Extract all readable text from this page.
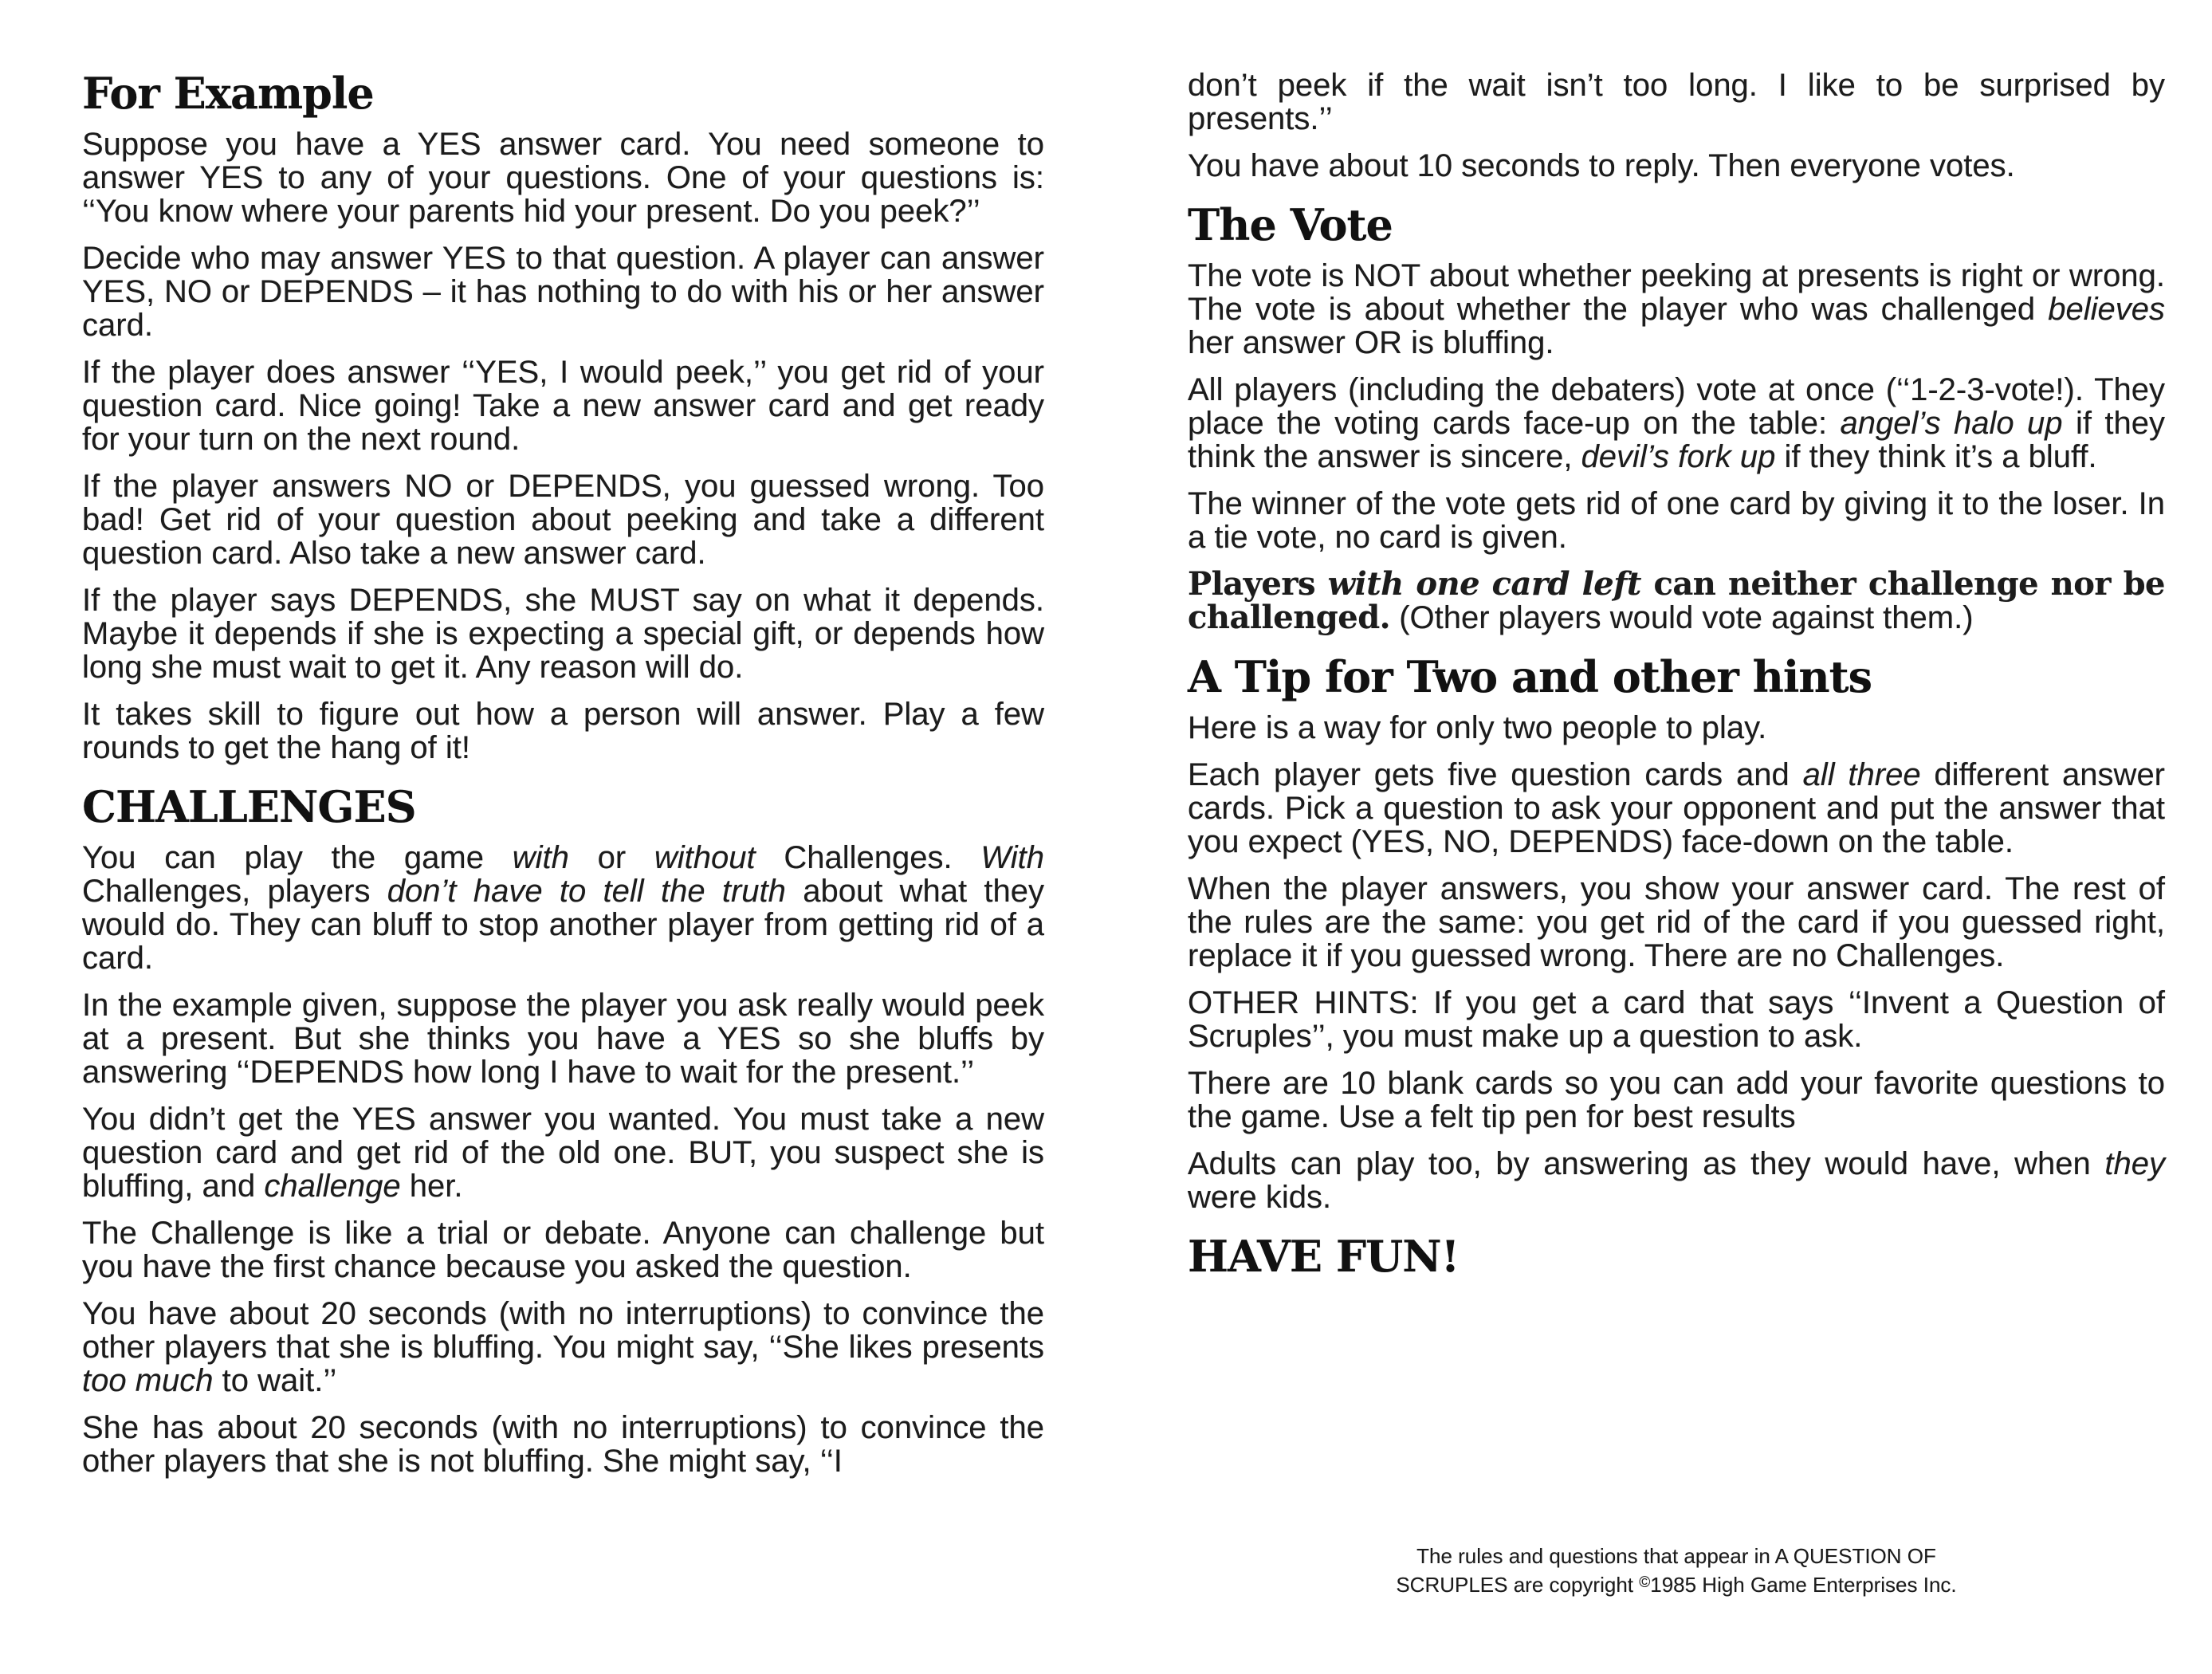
For Example

Suppose you have a YES answer card. You need someone to answer YES to any of your questions. One of your questions is: ‘‘You know where your parents hid your present. Do you peek?’’

Decide who may answer YES to that question. A player can answer YES, NO or DEPENDS – it has nothing to do with his or her answer card.

If the player does answer ‘‘YES, I would peek,’’ you get rid of your question card. Nice going! Take a new answer card and get ready for your turn on the next round.

If the player answers NO or DEPENDS, you guessed wrong. Too bad! Get rid of your question about peeking and take a different question card. Also take a new answer card.

If the player says DEPENDS, she MUST say on what it depends. Maybe it depends if she is expecting a special gift, or depends how long she must wait to get it. Any reason will do.

It takes skill to figure out how a person will answer. Play a few rounds to get the hang of it!

CHALLENGES

You can play the game with or without Challenges. With Challenges, players don’t have to tell the truth about what they would do. They can bluff to stop another player from getting rid of a card.

In the example given, suppose the player you ask really would peek at a present. But she thinks you have a YES so she bluffs by answering ‘‘DEPENDS how long I have to wait for the present.’’

You didn’t get the YES answer you wanted. You must take a new question card and get rid of the old one. BUT, you suspect she is bluffing, and challenge her.

The Challenge is like a trial or debate. Anyone can challenge but you have the first chance because you asked the question.

You have about 20 seconds (with no interruptions) to convince the other players that she is bluffing. You might say, ‘‘She likes presents too much to wait.’’

She has about 20 seconds (with no interruptions) to convince the other players that she is not bluffing. She might say, ‘‘I

don’t peek if the wait isn’t too long. I like to be surprised by presents.’’

You have about 10 seconds to reply. Then everyone votes.

The Vote

The vote is NOT about whether peeking at presents is right or wrong. The vote is about whether the player who was challenged believes her answer OR is bluffing.

All players (including the debaters) vote at once (‘‘1-2-3-vote!). They place the voting cards face-up on the table: angel’s halo up if they think the answer is sincere, devil’s fork up if they think it’s a bluff.

The winner of the vote gets rid of one card by giving it to the loser. In a tie vote, no card is given.

Players with one card left can neither challenge nor be challenged. (Other players would vote against them.)

A Tip for Two and other hints

Here is a way for only two people to play.

Each player gets five question cards and all three different answer cards. Pick a question to ask your opponent and put the answer that you expect (YES, NO, DEPENDS) face-down on the table.

When the player answers, you show your answer card. The rest of the rules are the same: you get rid of the card if you guessed right, replace it if you guessed wrong. There are no Challenges.

OTHER HINTS: If you get a card that says ‘‘Invent a Question of Scruples’’, you must make up a question to ask.

There are 10 blank cards so you can add your favorite questions to the game. Use a felt tip pen for best results

Adults can play too, by answering as they would have, when they were kids.

HAVE FUN!
The rules and questions that appear in A QUESTION OF
SCRUPLES are copyright ©1985 High Game Enterprises Inc.
